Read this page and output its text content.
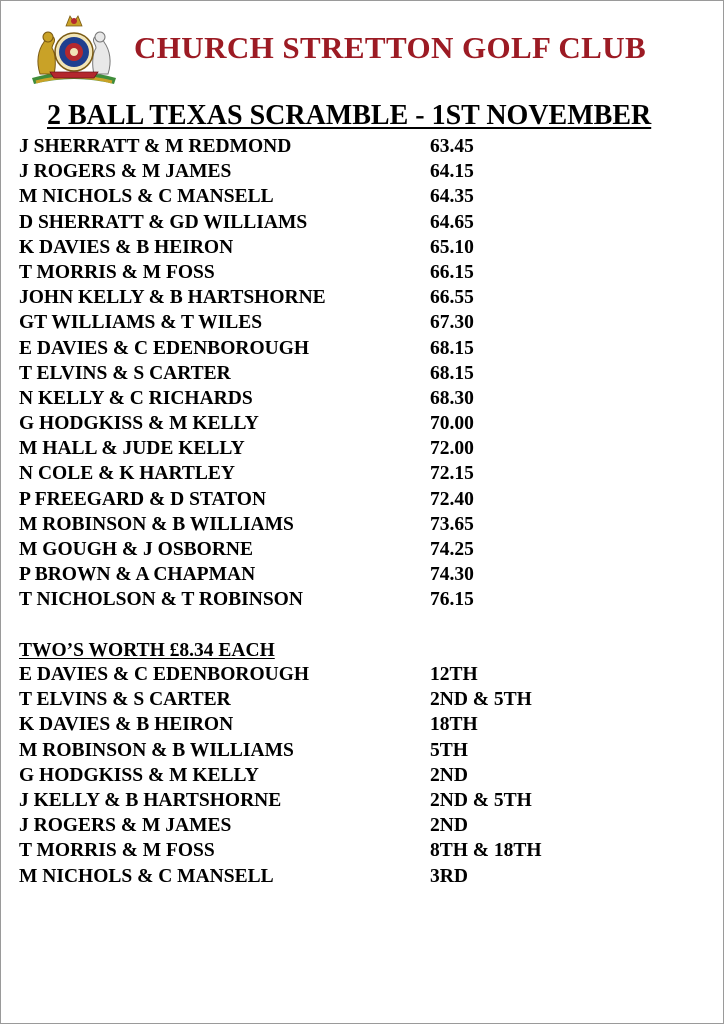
CHURCH STRETTON GOLF CLUB
2 BALL TEXAS SCRAMBLE - 1ST NOVEMBER
J SHERRATT & M REDMOND	63.45
J ROGERS & M JAMES	64.15
M NICHOLS & C MANSELL	64.35
D SHERRATT & GD WILLIAMS	64.65
K DAVIES & B HEIRON	65.10
T MORRIS & M FOSS	66.15
JOHN KELLY & B HARTSHORNE	66.55
GT WILLIAMS & T WILES	67.30
E DAVIES & C EDENBOROUGH	68.15
T ELVINS & S CARTER	68.15
N KELLY & C RICHARDS	68.30
G HODGKISS & M KELLY	70.00
M HALL & JUDE KELLY	72.00
N COLE & K HARTLEY	72.15
P FREEGARD & D STATON	72.40
M ROBINSON & B WILLIAMS	73.65
M GOUGH & J OSBORNE	74.25
P BROWN & A CHAPMAN	74.30
T NICHOLSON & T ROBINSON	76.15
TWO’S WORTH £8.34 EACH
E DAVIES & C EDENBOROUGH	12TH
T ELVINS & S CARTER	2ND & 5TH
K DAVIES & B HEIRON	18TH
M ROBINSON & B WILLIAMS	5TH
G HODGKISS & M KELLY	2ND
J KELLY & B HARTSHORNE	2ND & 5TH
J ROGERS & M JAMES	2ND
T MORRIS & M FOSS	8TH & 18TH
M NICHOLS & C MANSELL	3RD
